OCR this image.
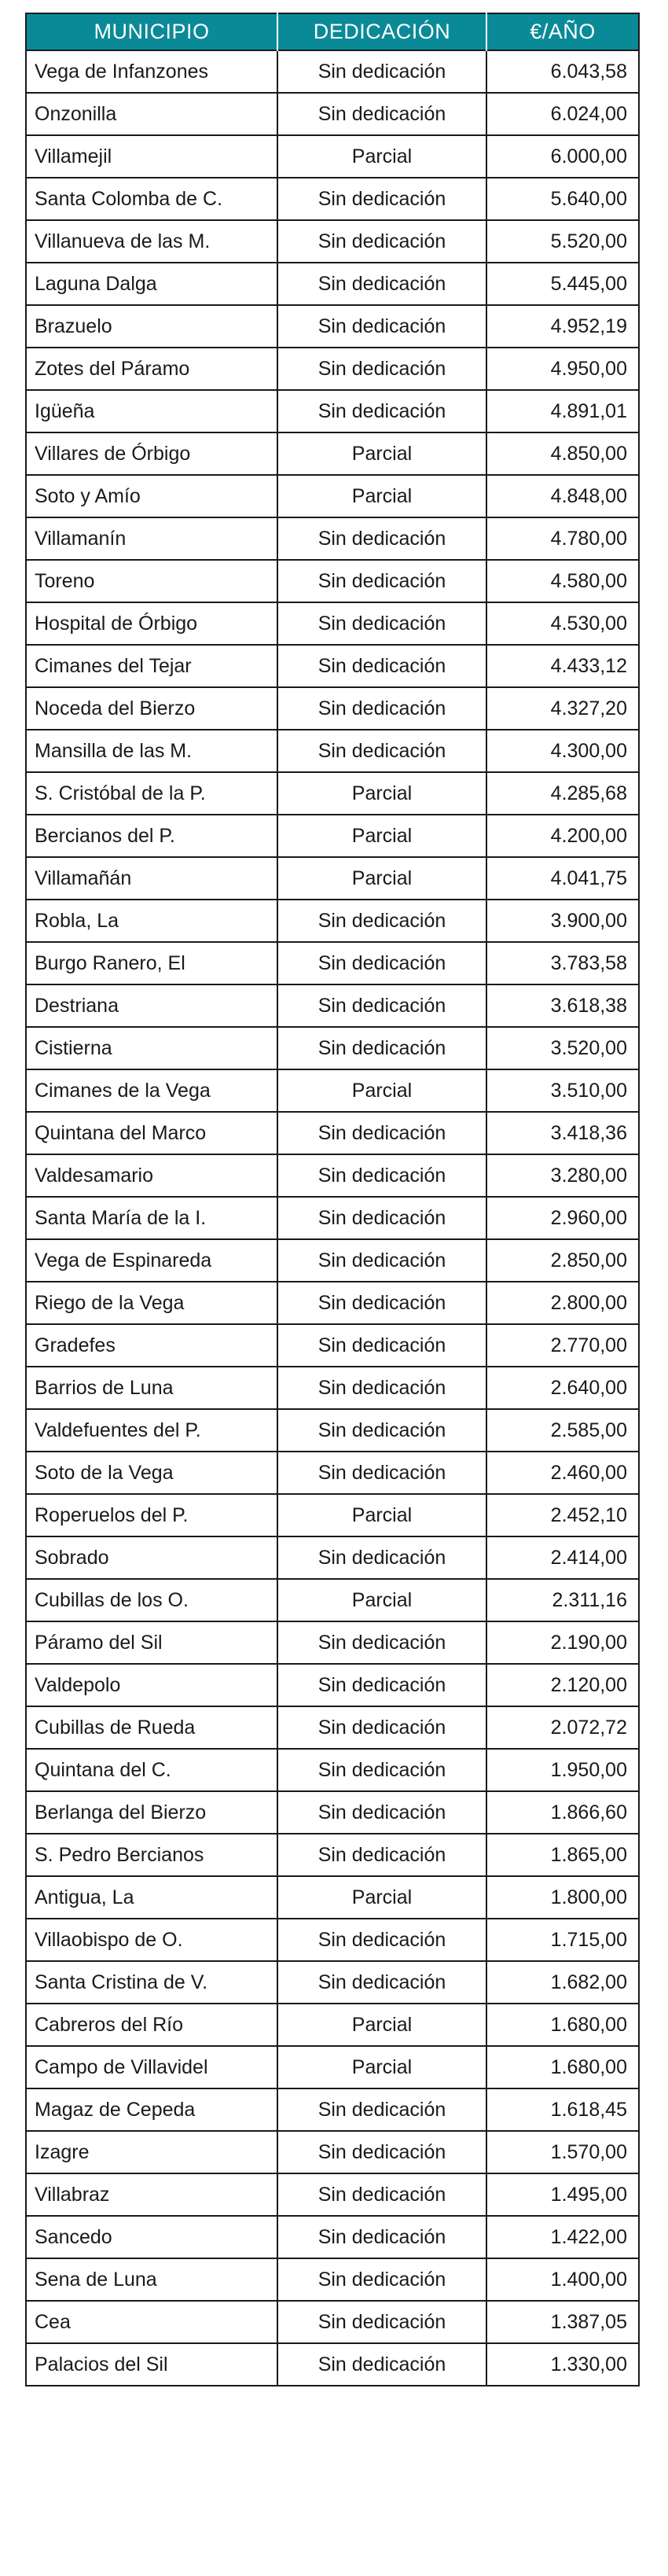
MUNICIPIO	DEDICACIÓN	€/AÑO
Vega de Infanzones	Sin dedicación	6.043,58
Onzonilla	Sin dedicación	6.024,00
Villamejil	Parcial	6.000,00
Santa Colomba de C.	Sin dedicación	5.640,00
Villanueva de las M.	Sin dedicación	5.520,00
Laguna Dalga	Sin dedicación	5.445,00
Brazuelo	Sin dedicación	4.952,19
Zotes del Páramo	Sin dedicación	4.950,00
Igüeña	Sin dedicación	4.891,01
Villares de Órbigo	Parcial	4.850,00
Soto y Amío	Parcial	4.848,00
Villamanín	Sin dedicación	4.780,00
Toreno	Sin dedicación	4.580,00
Hospital de Órbigo	Sin dedicación	4.530,00
Cimanes del Tejar	Sin dedicación	4.433,12
Noceda del Bierzo	Sin dedicación	4.327,20
Mansilla de las M.	Sin dedicación	4.300,00
S. Cristóbal de la P.	Parcial	4.285,68
Bercianos del P.	Parcial	4.200,00
Villamañán	Parcial	4.041,75
Robla, La	Sin dedicación	3.900,00
Burgo Ranero, El	Sin dedicación	3.783,58
Destriana	Sin dedicación	3.618,38
Cistierna	Sin dedicación	3.520,00
Cimanes de la Vega	Parcial	3.510,00
Quintana del Marco	Sin dedicación	3.418,36
Valdesamario	Sin dedicación	3.280,00
Santa María de la I.	Sin dedicación	2.960,00
Vega de Espinareda	Sin dedicación	2.850,00
Riego de la Vega	Sin dedicación	2.800,00
Gradefes	Sin dedicación	2.770,00
Barrios de Luna	Sin dedicación	2.640,00
Valdefuentes del P.	Sin dedicación	2.585,00
Soto de la Vega	Sin dedicación	2.460,00
Roperuelos del P.	Parcial	2.452,10
Sobrado	Sin dedicación	2.414,00
Cubillas de los O.	Parcial	2.311,16
Páramo del Sil	Sin dedicación	2.190,00
Valdepolo	Sin dedicación	2.120,00
Cubillas de Rueda	Sin dedicación	2.072,72
Quintana del C.	Sin dedicación	1.950,00
Berlanga del Bierzo	Sin dedicación	1.866,60
S. Pedro Bercianos	Sin dedicación	1.865,00
Antigua, La	Parcial	1.800,00
Villaobispo de O.	Sin dedicación	1.715,00
Santa Cristina de V.	Sin dedicación	1.682,00
Cabreros del Río	Parcial	1.680,00
Campo de Villavidel	Parcial	1.680,00
Magaz de Cepeda	Sin dedicación	1.618,45
Izagre	Sin dedicación	1.570,00
Villabraz	Sin dedicación	1.495,00
Sancedo	Sin dedicación	1.422,00
Sena de Luna	Sin dedicación	1.400,00
Cea	Sin dedicación	1.387,05
Palacios del Sil	Sin dedicación	1.330,00
